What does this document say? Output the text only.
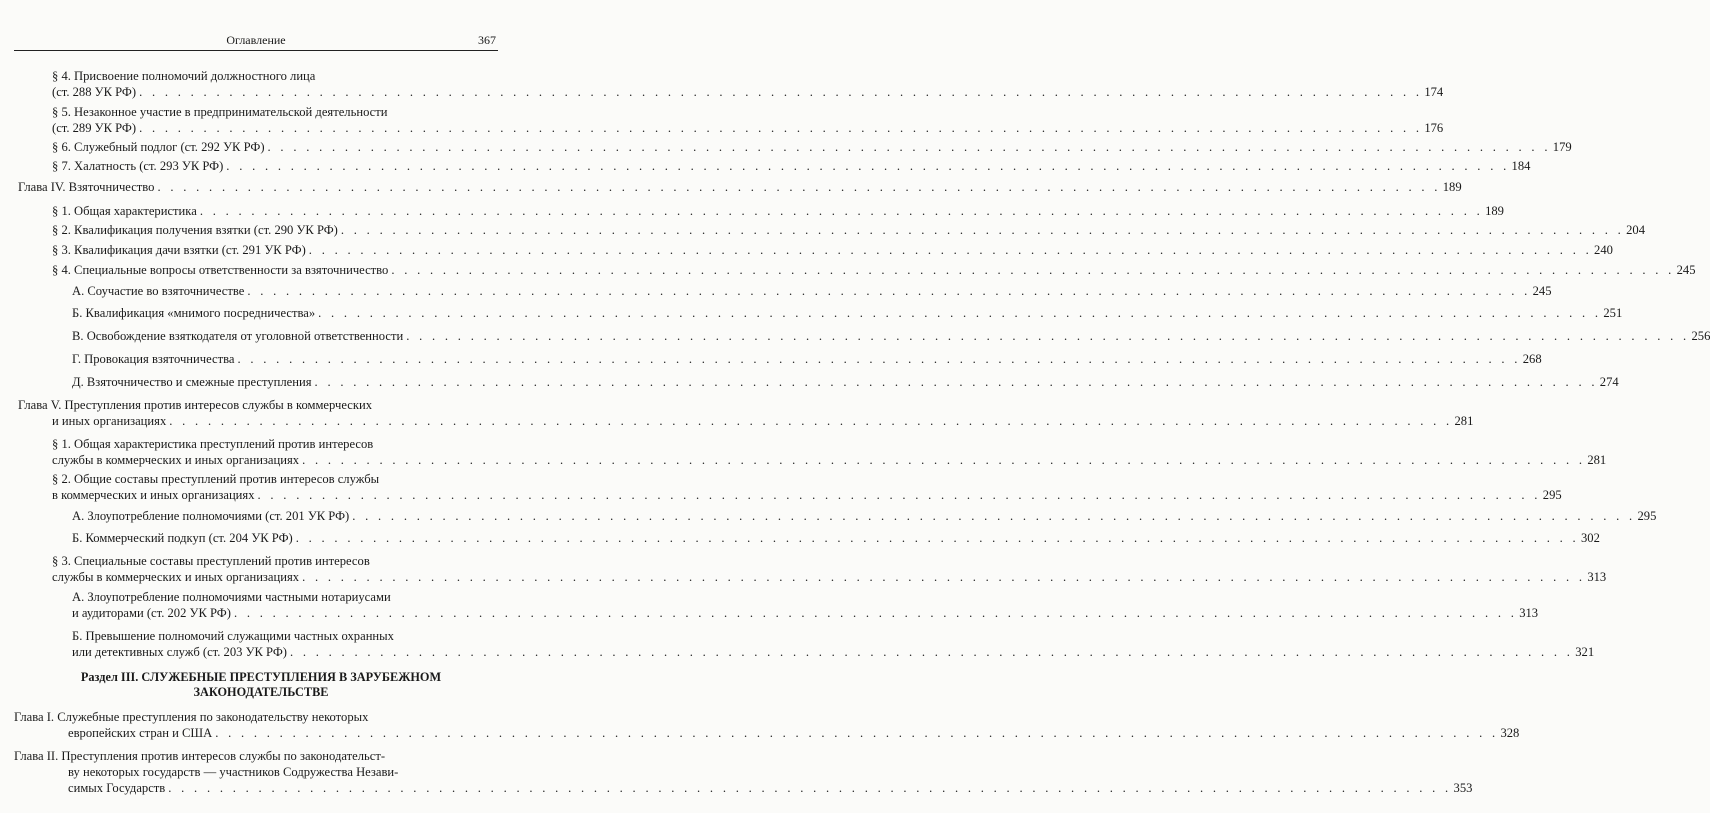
Оглавление	367
§ 4. Присвоение полномочий должностного лица
(ст. 288 УК РФ) . . . . . . . . . . . . . . . . . . . . . . . . . . . . . . . . . . . . . . . . . . . . . . . . . . . . . . . . . . . . . . . . . . . . . . . . . . . . . . . . . . . . . . . . . . . . . . . . . . . . 174
§ 5. Незаконное участие в предпринимательской деятельности
(ст. 289 УК РФ) . . . . . . . . . . . . . . . . . . . . . . . . . . . . . . . . . . . . . . . . . . . . . . . . . . . . . . . . . . . . . . . . . . . . . . . . . . . . . . . . . . . . . . . . . . . . . . . . . . . . 176
§ 6. Служебный подлог (ст. 292 УК РФ) . . . . . . . . . . . . . . . . . . . . . . . . . . . . . . . . . . . . . . . . . . . . . . . . . . . . . . . . . . . . . . . . . . . . . . . . . . . . . . . . . . . . . . . . . . . . . . . . . . . . 179
§ 7. Халатность (ст. 293 УК РФ) . . . . . . . . . . . . . . . . . . . . . . . . . . . . . . . . . . . . . . . . . . . . . . . . . . . . . . . . . . . . . . . . . . . . . . . . . . . . . . . . . . . . . . . . . . . . . . . . . . . . 184
Глава IV. Взяточничество . . . . . . . . . . . . . . . . . . . . . . . . . . . . . . . . . . . . . . . . . . . . . . . . . . . . . . . . . . . . . . . . . . . . . . . . . . . . . . . . . . . . . . . . . . . . . . . . . . . . 189
§ 1. Общая характеристика . . . . . . . . . . . . . . . . . . . . . . . . . . . . . . . . . . . . . . . . . . . . . . . . . . . . . . . . . . . . . . . . . . . . . . . . . . . . . . . . . . . . . . . . . . . . . . . . . . . . 189
§ 2. Квалификация получения взятки (ст. 290 УК РФ) . . . . . . . . . . . . . . . . . . . . . . . . . . . . . . . . . . . . . . . . . . . . . . . . . . . . . . . . . . . . . . . . . . . . . . . . . . . . . . . . . . . . . . . . . . . . . . . . . . . . 204
§ 3. Квалификация дачи взятки (ст. 291 УК РФ) . . . . . . . . . . . . . . . . . . . . . . . . . . . . . . . . . . . . . . . . . . . . . . . . . . . . . . . . . . . . . . . . . . . . . . . . . . . . . . . . . . . . . . . . . . . . . . . . . . . . 240
§ 4. Специальные вопросы ответственности за взяточничество . . . . . . . . . . . . . . . . . . . . . . . . . . . . . . . . . . . . . . . . . . . . . . . . . . . . . . . . . . . . . . . . . . . . . . . . . . . . . . . . . . . . . . . . . . . . . . . . . . . . 245
А. Соучастие во взяточничестве . . . . . . . . . . . . . . . . . . . . . . . . . . . . . . . . . . . . . . . . . . . . . . . . . . . . . . . . . . . . . . . . . . . . . . . . . . . . . . . . . . . . . . . . . . . . . . . . . . . . 245
Б. Квалификация «мнимого посредничества» . . . . . . . . . . . . . . . . . . . . . . . . . . . . . . . . . . . . . . . . . . . . . . . . . . . . . . . . . . . . . . . . . . . . . . . . . . . . . . . . . . . . . . . . . . . . . . . . . . . . 251
В. Освобождение взяткодателя от уголовной ответственности . . . . . . . . . . . . . . . . . . . . . . . . . . . . . . . . . . . . . . . . . . . . . . . . . . . . . . . . . . . . . . . . . . . . . . . . . . . . . . . . . . . . . . . . . . . . . . . . . . . . 256
Г. Провокация взяточничества . . . . . . . . . . . . . . . . . . . . . . . . . . . . . . . . . . . . . . . . . . . . . . . . . . . . . . . . . . . . . . . . . . . . . . . . . . . . . . . . . . . . . . . . . . . . . . . . . . . . 268
Д. Взяточничество и смежные преступления . . . . . . . . . . . . . . . . . . . . . . . . . . . . . . . . . . . . . . . . . . . . . . . . . . . . . . . . . . . . . . . . . . . . . . . . . . . . . . . . . . . . . . . . . . . . . . . . . . . . 274
Глава V. Преступления против интересов службы в коммерческих
и иных организациях . . . . . . . . . . . . . . . . . . . . . . . . . . . . . . . . . . . . . . . . . . . . . . . . . . . . . . . . . . . . . . . . . . . . . . . . . . . . . . . . . . . . . . . . . . . . . . . . . . . . 281
§ 1. Общая характеристика преступлений против интересов
службы в коммерческих и иных организациях . . . . . . . . . . . . . . . . . . . . . . . . . . . . . . . . . . . . . . . . . . . . . . . . . . . . . . . . . . . . . . . . . . . . . . . . . . . . . . . . . . . . . . . . . . . . . . . . . . . . 281
§ 2. Общие составы преступлений против интересов службы
в коммерческих и иных организациях . . . . . . . . . . . . . . . . . . . . . . . . . . . . . . . . . . . . . . . . . . . . . . . . . . . . . . . . . . . . . . . . . . . . . . . . . . . . . . . . . . . . . . . . . . . . . . . . . . . . 295
А. Злоупотребление полномочиями (ст. 201 УК РФ) . . . . . . . . . . . . . . . . . . . . . . . . . . . . . . . . . . . . . . . . . . . . . . . . . . . . . . . . . . . . . . . . . . . . . . . . . . . . . . . . . . . . . . . . . . . . . . . . . . . . 295
Б. Коммерческий подкуп (ст. 204 УК РФ) . . . . . . . . . . . . . . . . . . . . . . . . . . . . . . . . . . . . . . . . . . . . . . . . . . . . . . . . . . . . . . . . . . . . . . . . . . . . . . . . . . . . . . . . . . . . . . . . . . . . 302
§ 3. Специальные составы преступлений против интересов
службы в коммерческих и иных организациях . . . . . . . . . . . . . . . . . . . . . . . . . . . . . . . . . . . . . . . . . . . . . . . . . . . . . . . . . . . . . . . . . . . . . . . . . . . . . . . . . . . . . . . . . . . . . . . . . . . . 313
А. Злоупотребление полномочиями частными нотариусами
и аудиторами (ст. 202 УК РФ) . . . . . . . . . . . . . . . . . . . . . . . . . . . . . . . . . . . . . . . . . . . . . . . . . . . . . . . . . . . . . . . . . . . . . . . . . . . . . . . . . . . . . . . . . . . . . . . . . . . . 313
Б. Превышение полномочий служащими частных охранных
или детективных служб (ст. 203 УК РФ) . . . . . . . . . . . . . . . . . . . . . . . . . . . . . . . . . . . . . . . . . . . . . . . . . . . . . . . . . . . . . . . . . . . . . . . . . . . . . . . . . . . . . . . . . . . . . . . . . . . . 321
Раздел III. СЛУЖЕБНЫЕ ПРЕСТУПЛЕНИЯ В ЗАРУБЕЖНОМ
ЗАКОНОДАТЕЛЬСТВЕ
Глава I. Служебные преступления по законодательству некоторых
европейских стран и США . . . . . . . . . . . . . . . . . . . . . . . . . . . . . . . . . . . . . . . . . . . . . . . . . . . . . . . . . . . . . . . . . . . . . . . . . . . . . . . . . . . . . . . . . . . . . . . . . . . . 328
Глава II. Преступления против интересов службы по законодательст-
ву некоторых государств — участников Содружества Незави-
симых Государств . . . . . . . . . . . . . . . . . . . . . . . . . . . . . . . . . . . . . . . . . . . . . . . . . . . . . . . . . . . . . . . . . . . . . . . . . . . . . . . . . . . . . . . . . . . . . . . . . . . . 353
